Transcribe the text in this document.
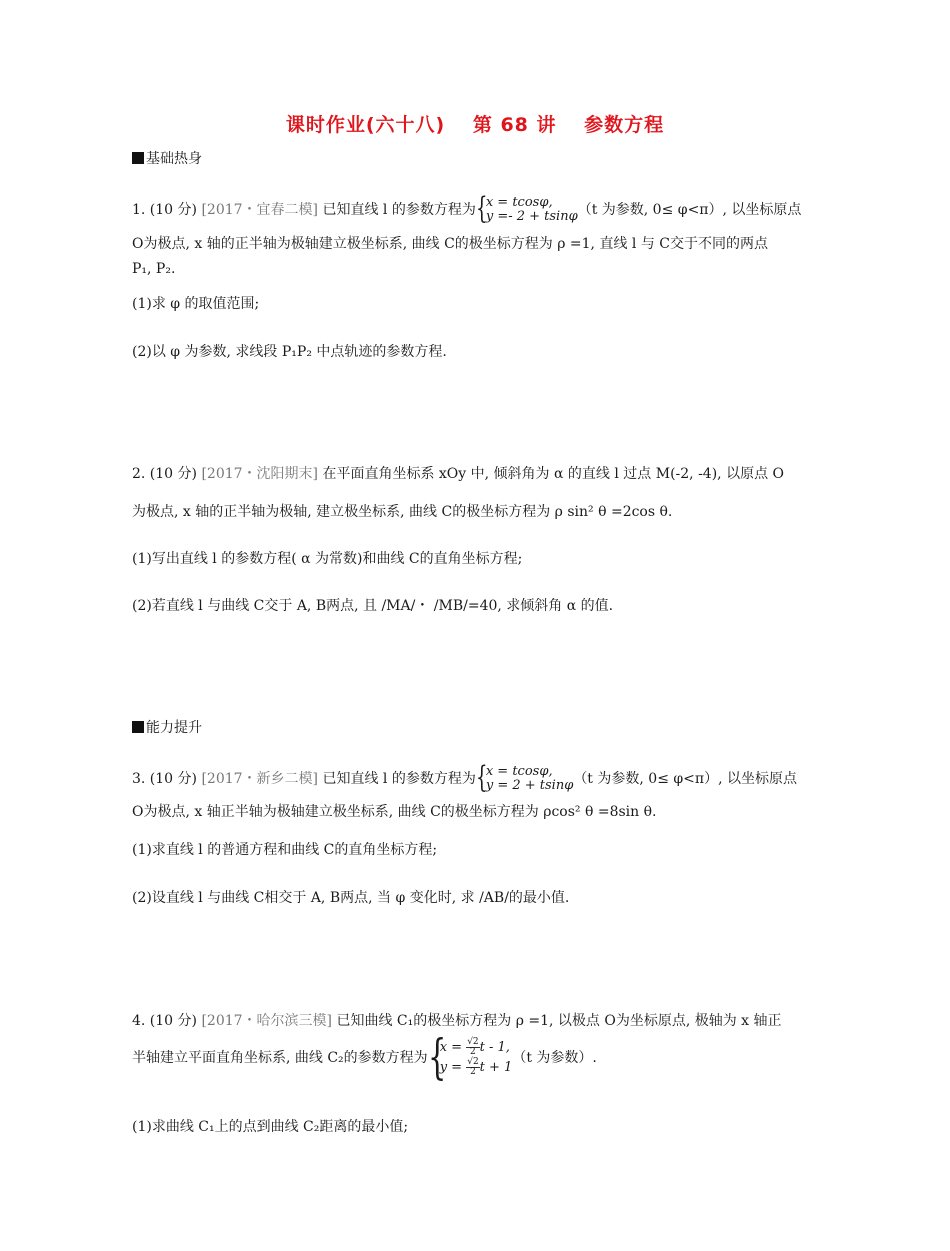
课时作业(六十八) 第 68 讲 参数方程
基础热身
1. (10 分) [2017・宜春二模] 已知直线 l 的参数方程为 {
x = tcosφ,
y =- 2 + tsinφ （t 为参数, 0≤ φ<π）, 以坐标原点
O为极点, x 轴的正半轴为极轴建立极坐标系, 曲线 C的极坐标方程为 ρ =1, 直线 l 与 C交于不同的两点
P₁, P₂.
(1)求 φ 的取值范围;
(2)以 φ 为参数, 求线段 P₁P₂ 中点轨迹的参数方程.
2. (10 分) [2017・沈阳期末] 在平面直角坐标系 xOy 中, 倾斜角为 α 的直线 l 过点 M(-2, -4), 以原点 O
为极点, x 轴的正半轴为极轴, 建立极坐标系, 曲线 C的极坐标方程为 ρ sin² θ =2cos θ.
(1)写出直线 l 的参数方程( α 为常数)和曲线 C的直角坐标方程;
(2)若直线 l 与曲线 C交于 A, B两点, 且 /MA/・ /MB/=40, 求倾斜角 α 的值.
能力提升
3. (10 分) [2017・新乡二模] 已知直线 l 的参数方程为 {
x = tcosφ,
y = 2 + tsinφ （t 为参数, 0≤ φ<π）, 以坐标原点
O为极点, x 轴正半轴为极轴建立极坐标系, 曲线 C的极坐标方程为 ρcos² θ =8sin θ.
(1)求直线 l 的普通方程和曲线 C的直角坐标方程;
(2)设直线 l 与曲线 C相交于 A, B两点, 当 φ 变化时, 求 /AB/的最小值.
4. (10 分) [2017・哈尔滨三模] 已知曲线 C₁的极坐标方程为 ρ =1, 以极点 O为坐标原点, 极轴为 x 轴正
半轴建立平面直角坐标系, 曲线 C₂的参数方程为 {
$x = \frac{√2}{2}$ t - 1,
$y = \frac{√2}{2}$ t + 1
（t 为参数）.
(1)求曲线 C₁上的点到曲线 C₂距离的最小值;
